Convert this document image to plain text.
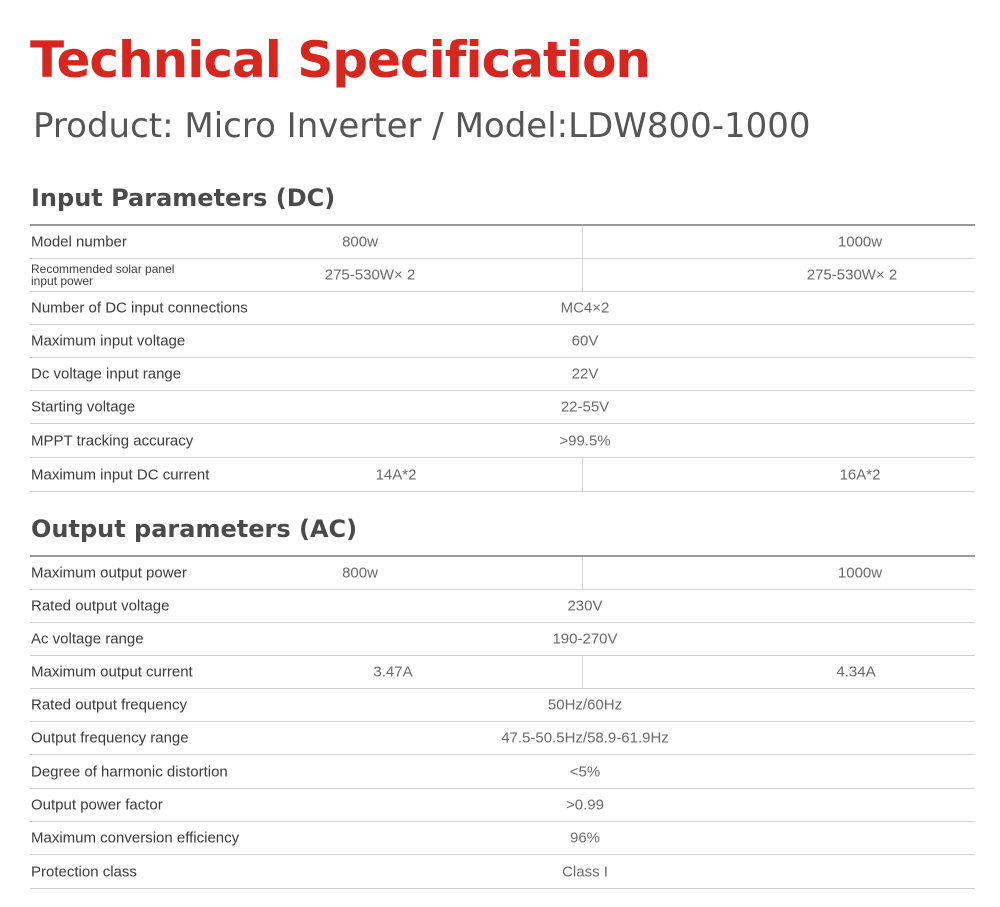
Technical Specification
Product: Micro Inverter / Model:LDW800-1000
Input Parameters (DC)
Model number	800w	1000w
Recommended solar panel input power	275-530W× 2	275-530W× 2
Number of DC input connections	MC4×2
Maximum input voltage	60V
Dc voltage input range	22V
Starting voltage	22-55V
MPPT tracking accuracy	>99.5%
Maximum input DC current	14A*2	16A*2
Output parameters (AC)
Maximum output power	800w	1000w
Rated output voltage	230V
Ac voltage range	190-270V
Maximum output current	3.47A	4.34A
Rated output frequency	50Hz/60Hz
Output frequency range	47.5-50.5Hz/58.9-61.9Hz
Degree of harmonic distortion	<5%
Output power factor	>0.99
Maximum conversion efficiency	96%
Protection class	Class I
